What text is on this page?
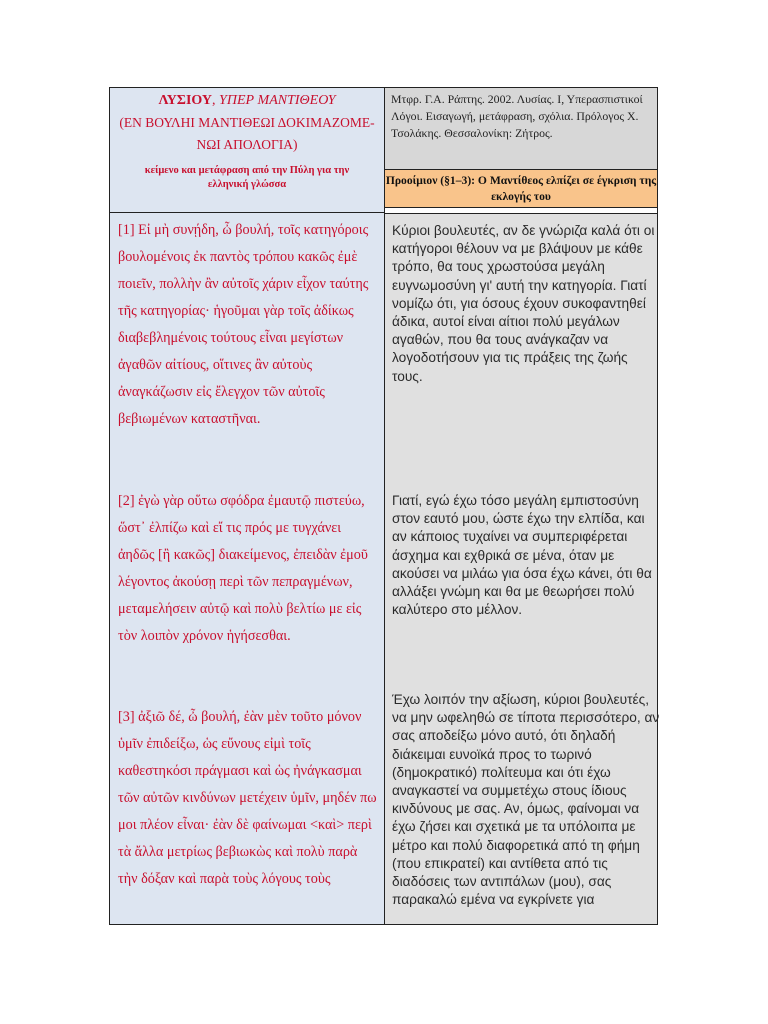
ΛΥΣΙΟΥ, ΥΠΕΡ ΜΑΝΤΙΘΕΟΥ
(ΕΝ ΒΟΥΛΗΙ ΜΑΝΤΙΘΕΩΙ ΔΟΚΙΜΑΖΟΜΕ-ΝΩΙ ΑΠΟΛΟΓΙΑ)
κείμενο και μετάφραση από την Πύλη για την ελληνική γλώσσα
[1] Εἰ μὴ συνῄδη, ὦ βουλή, τοῖς κατηγόροις βουλομένοις ἐκ παντὸς τρόπου κακῶς ἐμὲ ποιεῖν, πολλὴν ἂν αὐτοῖς χάριν εἶχον ταύτης τῆς κατηγορίας· ἡγοῦμαι γὰρ τοῖς ἀδίκως διαβεβλημένοις τούτους εἶναι μεγίστων ἀγαθῶν αἰτίους, οἵτινες ἂν αὐτοὺς ἀναγκάζωσιν εἰς ἔλεγχον τῶν αὐτοῖς βεβιωμένων καταστῆναι.
[2] ἐγὼ γὰρ οὕτω σφόδρα ἐμαυτῷ πιστεύω, ὥστ᾽ ἐλπίζω καὶ εἴ τις πρός με τυγχάνει ἀηδῶς [ἢ κακῶς] διακείμενος, ἐπειδὰν ἐμοῦ λέγοντος ἀκούσῃ περὶ τῶν πεπραγμένων, μεταμελήσειν αὐτῷ καὶ πολὺ βελτίω με εἰς τὸν λοιπὸν χρόνον ἡγήσεσθαι.
[3] ἀξιῶ δέ, ὦ βουλή, ἐὰν μὲν τοῦτο μόνον ὑμῖν ἐπιδείξω, ὡς εὔνους εἰμὶ τοῖς καθεστηκόσι πράγμασι καὶ ὡς ἠνάγκασμαι τῶν αὐτῶν κινδύνων μετέχειν ὑμῖν, μηδέν πω μοι πλέον εἶναι· ἐὰν δὲ φαίνωμαι <καὶ> περὶ τὰ ἄλλα μετρίως βεβιωκὼς καὶ πολὺ παρὰ τὴν δόξαν καὶ παρὰ τοὺς λόγους τοὺς
Μτφρ. Γ.Α. Ράπτης. 2002. Λυσίας. Ι, Υπερασπιστικοί Λόγοι. Εισαγωγή, μετάφραση, σχόλια. Πρόλογος Χ. Τσολάκης. Θεσσαλονίκη: Ζήτρος.
Προοίμιον (§1–3): Ο Μαντίθεος ελπίζει σε έγκριση της εκλογής του
Κύριοι βουλευτές, αν δε γνώριζα καλά ότι οι κατήγοροι θέλουν να με βλάψουν με κάθε τρόπο, θα τους χρωστούσα μεγάλη ευγνωμοσύνη γι' αυτή την κατηγορία. Γιατί νομίζω ότι, για όσους έχουν συκοφαντηθεί άδικα, αυτοί είναι αίτιοι πολύ μεγάλων αγαθών, που θα τους ανάγκαζαν να λογοδοτήσουν για τις πράξεις της ζωής τους.
Γιατί, εγώ έχω τόσο μεγάλη εμπιστοσύνη στον εαυτό μου, ώστε έχω την ελπίδα, και αν κάποιος τυχαίνει να συμπεριφέρεται άσχημα και εχθρικά σε μένα, όταν με ακούσει να μιλάω για όσα έχω κάνει, ότι θα αλλάξει γνώμη και θα με θεωρήσει πολύ καλύτερο στο μέλλον.
Έχω λοιπόν την αξίωση, κύριοι βουλευτές, να μην ωφεληθώ σε τίποτα περισσότερο, αν σας αποδείξω μόνο αυτό, ότι δηλαδή διάκειμαι ευνοϊκά προς το τωρινό (δημοκρατικό) πολίτευμα και ότι έχω αναγκαστεί να συμμετέχω στους ίδιους κινδύνους με σας. Αν, όμως, φαίνομαι να έχω ζήσει και σχετικά με τα υπόλοιπα με μέτρο και πολύ διαφορετικά από τη φήμη (που επικρατεί) και αντίθετα από τις διαδόσεις των αντιπάλων (μου), σας παρακαλώ εμένα να εγκρίνετε για
